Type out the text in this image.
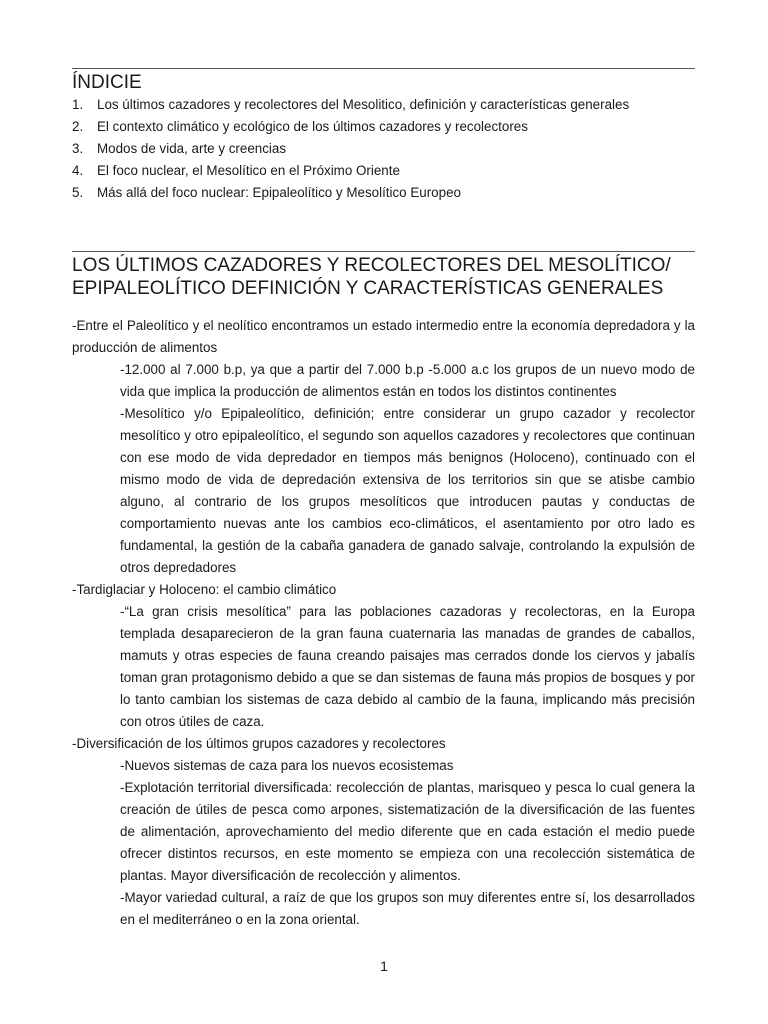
ÍNDICIE
1. Los últimos cazadores y recolectores del Mesolitico, definición y características generales
2. El contexto climático y ecológico de los últimos cazadores y recolectores
3. Modos de vida, arte y creencias
4. El foco nuclear, el Mesolítico en el Próximo Oriente
5. Más allá del foco nuclear: Epipaleolítico y Mesolítico Europeo
LOS ÚLTIMOS CAZADORES Y RECOLECTORES DEL MESOLÍTICO/
EPIPALEOLÍTICO DEFINICIÓN Y CARACTERÍSTICAS GENERALES

-Entre el Paleolítico y el neolítico encontramos un estado intermedio entre la economía depredadora y la producción de alimentos

-12.000 al 7.000 b.p, ya que a partir del 7.000 b.p -5.000 a.c los grupos de un nuevo modo de vida que implica la producción de alimentos están en todos los distintos continentes

-Mesolítico y/o Epipaleolítico, definición; entre considerar un grupo cazador y recolector mesolítico y otro epipaleolítico, el segundo son aquellos cazadores y recolectores que continuan con ese modo de vida depredador en tiempos más benignos (Holoceno), continuado con el mismo modo de vida de depredación extensiva de los territorios sin que se atisbe cambio alguno, al contrario de los grupos mesolíticos que introducen pautas y conductas de comportamiento nuevas ante los cambios eco-climáticos, el asentamiento por otro lado es fundamental, la gestión de la cabaña ganadera de ganado salvaje, controlando la expulsión de otros depredadores

-Tardiglaciar y Holoceno: el cambio climático

-“La gran crisis mesolítica” para las poblaciones cazadoras y recolectoras, en la Europa templada desaparecieron de la gran fauna cuaternaria las manadas de grandes de caballos, mamuts y otras especies de fauna creando paisajes mas cerrados donde los ciervos y jabalís toman gran protagonismo debido a que se dan sistemas de fauna más propios de bosques y por lo tanto cambian los sistemas de caza debido al cambio de la fauna, implicando más precisión con otros útiles de caza.

-Diversificación de los últimos grupos cazadores y recolectores

-Nuevos sistemas de caza para los nuevos ecosistemas

-Explotación territorial diversificada: recolección de plantas, marisqueo y pesca lo cual genera la creación de útiles de pesca como arpones, sistematización de la diversificación de las fuentes de alimentación, aprovechamiento del medio diferente que en cada estación el medio puede ofrecer distintos recursos, en este momento se empieza con una recolección sistemática de plantas. Mayor diversificación de recolección y alimentos.

-Mayor variedad cultural, a raíz de que los grupos son muy diferentes entre sí, los desarrollados en el mediterráneo o en la zona oriental.

1
